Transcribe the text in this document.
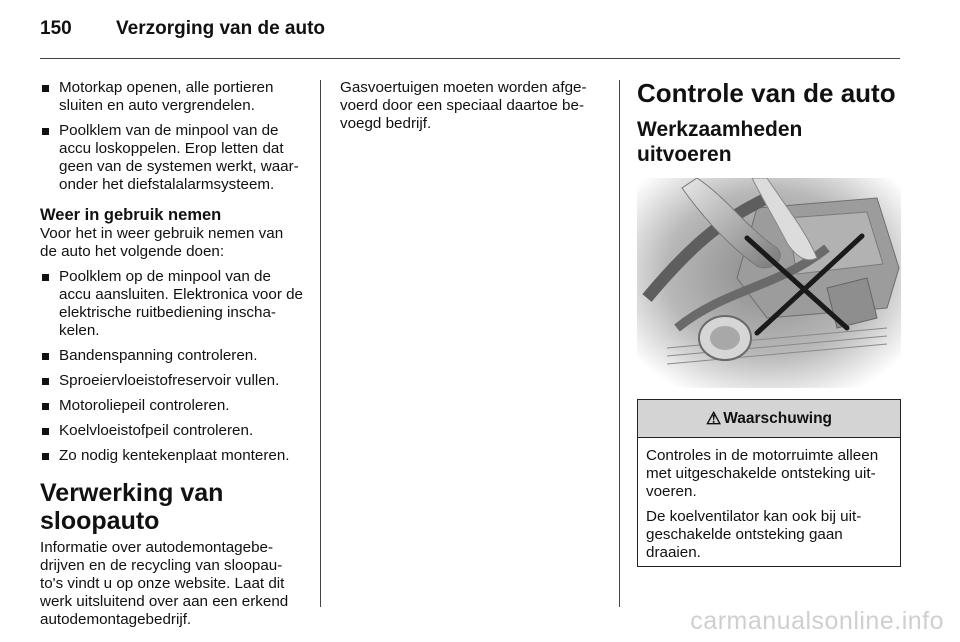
150	Verzorging van de auto
Motorkap openen, alle portieren sluiten en auto vergrendelen.
Poolklem van de minpool van de accu loskoppelen. Erop letten dat geen van de systemen werkt, waar-onder het diefstalalarmsysteem.
Weer in gebruik nemen

Voor het in weer gebruik nemen van de auto het volgende doen:

Poolklem op de minpool van de accu aansluiten. Elektronica voor de elektrische ruitbediening inscha-kelen.
Bandenspanning controleren.
Sproeiervloeistofreservoir vullen.
Motoroliepeil controleren.
Koelvloeistofpeil controleren.
Zo nodig kentekenplaat monteren.
Verwerking van sloopauto

Informatie over autodemontagebe-drijven en de recycling van sloopau-to's vindt u op onze website. Laat dit werk uitsluitend over aan een erkend autodemontagebedrijf.

Gasvoertuigen moeten worden afge-voerd door een speciaal daartoe be-voegd bedrijf.

Controle van de auto
Werkzaamheden uitvoeren
⚠ Waarschuwing

Controles in de motorruimte alleen met uitgeschakelde ontsteking uit-voeren.

De koelventilator kan ook bij uit-geschakelde ontsteking gaan draaien.

carmanualsonline.info
